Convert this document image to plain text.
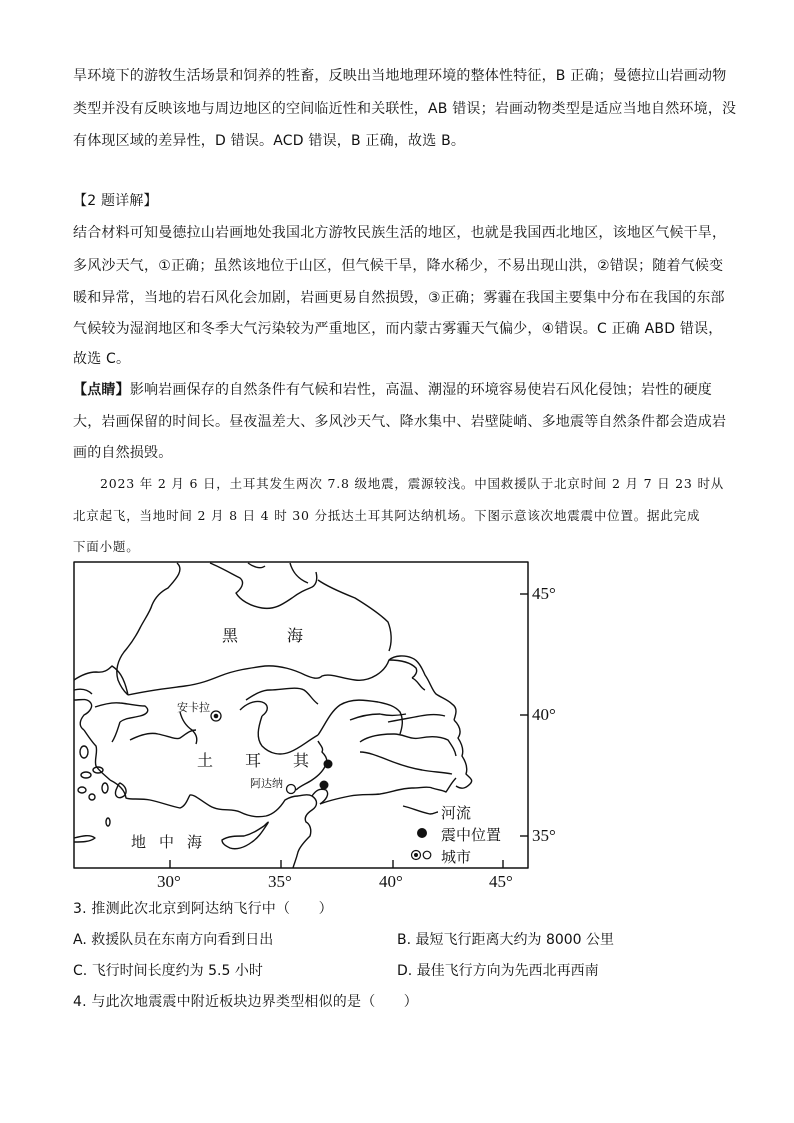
旱环境下的游牧生活场景和饲养的牲畜，反映出当地地理环境的整体性特征，B 正确；曼德拉山岩画动物
类型并没有反映该地与周边地区的空间临近性和关联性，AB 错误；岩画动物类型是适应当地自然环境，没
有体现区域的差异性，D 错误。ACD 错误，B 正确，故选 B。
【2 题详解】
结合材料可知曼德拉山岩画地处我国北方游牧民族生活的地区，也就是我国西北地区，该地区气候干旱，
多风沙天气，①正确；虽然该地位于山区，但气候干旱，降水稀少，不易出现山洪，②错误；随着气候变
暖和异常，当地的岩石风化会加剧，岩画更易自然损毁，③正确；雾霾在我国主要集中分布在我国的东部
气候较为湿润地区和冬季大气污染较为严重地区，而内蒙古雾霾天气偏少，④错误。C 正确 ABD 错误，
故选 C。
【点睛】影响岩画保存的自然条件有气候和岩性，高温、潮湿的环境容易使岩石风化侵蚀；岩性的硬度
大，岩画保留的时间长。昼夜温差大、多风沙天气、降水集中、岩壁陡峭、多地震等自然条件都会造成岩
画的自然损毁。
2023 年 2 月 6 日，土耳其发生两次 7.8 级地震，震源较浅。中国救援队于北京时间 2 月 7 日 23 时从
北京起飞，当地时间 2 月 8 日 4 时 30 分抵达土耳其阿达纳机场。下图示意该次地震震中位置。据此完成
下面小题。
45°
40°
35°
30°	35°	40°	45°
黑	海
土 耳 其
地 中 海
安卡拉
阿达纳
河流
震中位置
城市
3. 推测此次北京到阿达纳飞行中（　　）
A. 救援队员在东南方向看到日出	B. 最短飞行距离大约为 8000 公里
C. 飞行时间长度约为 5.5 小时	D. 最佳飞行方向为先西北再西南
4. 与此次地震震中附近板块边界类型相似的是（　　）
